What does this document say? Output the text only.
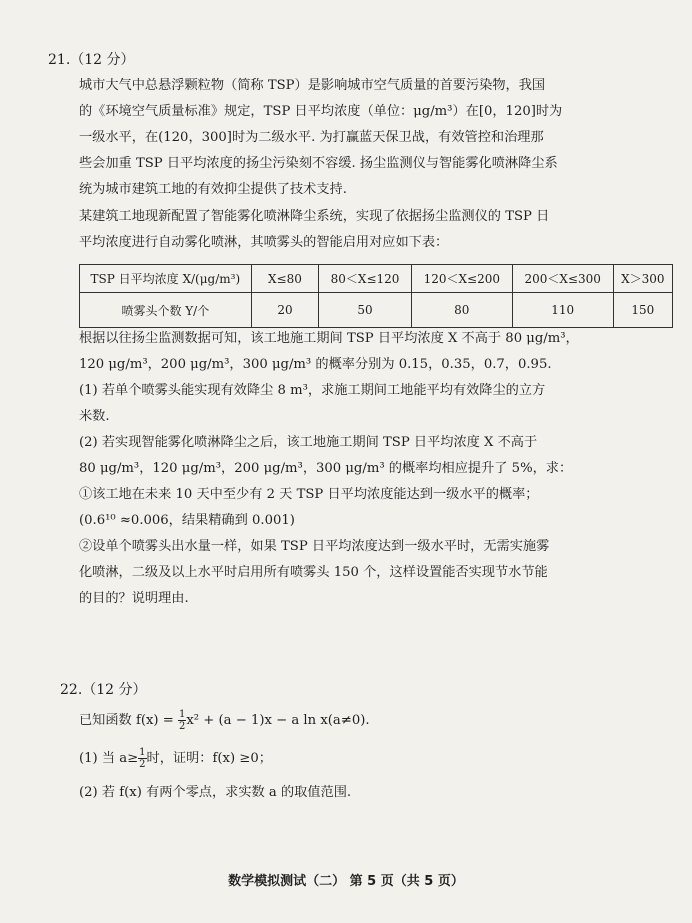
21.（12 分）
城市大气中总悬浮颗粒物（简称 TSP）是影响城市空气质量的首要污染物，我国
的《环境空气质量标准》规定，TSP 日平均浓度（单位：μg/m³）在[0，120]时为
一级水平，在(120，300]时为二级水平. 为打赢蓝天保卫战，有效管控和治理那
些会加重 TSP 日平均浓度的扬尘污染刻不容缓. 扬尘监测仪与智能雾化喷淋降尘系
统为城市建筑工地的有效抑尘提供了技术支持.
某建筑工地现新配置了智能雾化喷淋降尘系统，实现了依据扬尘监测仪的 TSP 日
平均浓度进行自动雾化喷淋，其喷雾头的智能启用对应如下表：
TSP 日平均浓度 X/(μg/m³)	X≤80	80＜X≤120	120＜X≤200	200＜X≤300	X＞300
喷雾头个数 Y/个	20	50	80	110	150
根据以往扬尘监测数据可知，该工地施工期间 TSP 日平均浓度 X 不高于 80 μg/m³，
120 μg/m³，200 μg/m³，300 μg/m³ 的概率分别为 0.15，0.35，0.7，0.95.
(1) 若单个喷雾头能实现有效降尘 8 m³，求施工期间工地能平均有效降尘的立方
米数.
(2) 若实现智能雾化喷淋降尘之后，该工地施工期间 TSP 日平均浓度 X 不高于
80 μg/m³，120 μg/m³，200 μg/m³，300 μg/m³ 的概率均相应提升了 5%，求：
①该工地在未来 10 天中至少有 2 天 TSP 日平均浓度能达到一级水平的概率；
(0.6¹⁰ ≈0.006，结果精确到 0.001)
②设单个喷雾头出水量一样，如果 TSP 日平均浓度达到一级水平时，无需实施雾
化喷淋，二级及以上水平时启用所有喷雾头 150 个，这样设置能否实现节水节能
的目的？说明理由.
22.（12 分）
已知函数 $f(x) = \frac{1}{2} x^2 + (a - 1)x - a$ ln x(a≠0).
(1) 当 $a\ge \frac{1}{2}$ 时，证明：f(x) ≥0；
(2) 若 f(x) 有两个零点，求实数 a 的取值范围.
数学模拟测试（二） 第 5 页（共 5 页）
